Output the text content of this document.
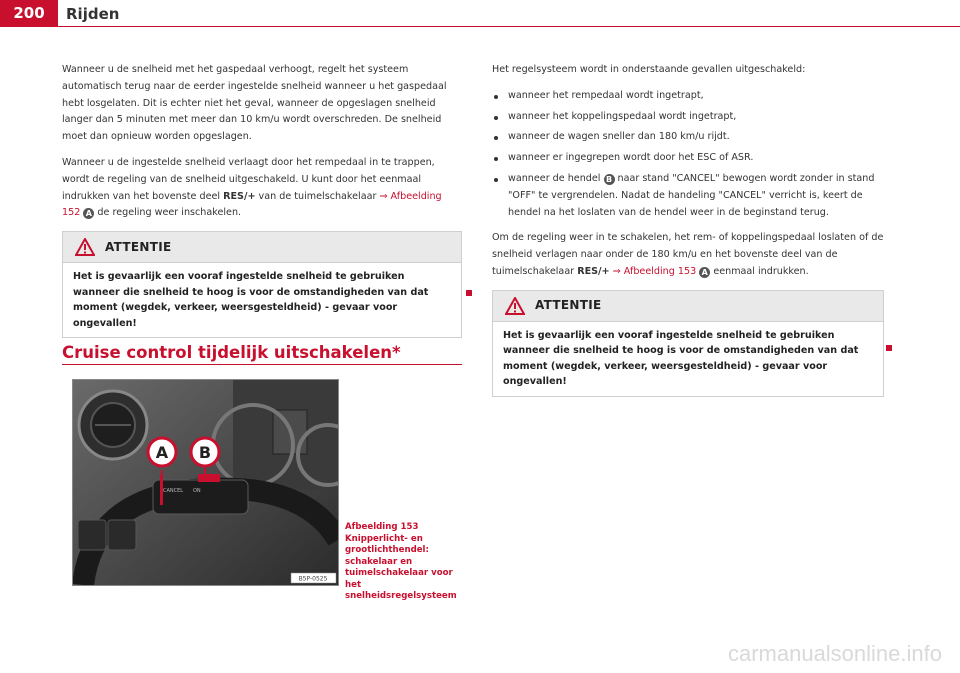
200	Rijden

Wanneer u de snelheid met het gaspedaal verhoogt, regelt het systeem automatisch terug naar de eerder ingestelde snelheid wanneer u het gaspedaal hebt losgelaten. Dit is echter niet het geval, wanneer de opgeslagen snelheid langer dan 5 minuten met meer dan 10 km/u wordt overschreden. De snelheid moet dan opnieuw worden opgeslagen.

Wanneer u de ingestelde snelheid verlaagt door het rempedaal in te trappen, wordt de regeling van de snelheid uitgeschakeld. U kunt door het eenmaal indrukken van het bovenste deel RES/+ van de tuimelschakelaar ⇒ Afbeelding 152 A de regeling weer inschakelen.

ATTENTIE
Het is gevaarlijk een vooraf ingestelde snelheid te gebruiken wanneer die snelheid te hoog is voor de omstandigheden van dat moment (wegdek, verkeer, weersgesteldheid) - gevaar voor ongevallen!
Cruise control tijdelijk uitschakelen*
CANCEL ON
A B
B5P-0525
Afbeelding 153 Knipperlicht- en grootlichthendel: schakelaar en tuimelschakelaar voor het snelheidsregelsysteem

Het regelsysteem wordt in onderstaande gevallen uitgeschakeld:

wanneer het rempedaal wordt ingetrapt,
wanneer het koppelingspedaal wordt ingetrapt,
wanneer de wagen sneller dan 180 km/u rijdt.
wanneer er ingegrepen wordt door het ESC of ASR.
wanneer de hendel B naar stand "CANCEL" bewogen wordt zonder in stand "OFF" te vergrendelen. Nadat de handeling "CANCEL" verricht is, keert de hendel na het loslaten van de hendel weer in de beginstand terug.

Om de regeling weer in te schakelen, het rem- of koppelingspedaal loslaten of de snelheid verlagen naar onder de 180 km/u en het bovenste deel van de tuimelschakelaar RES/+ ⇒ Afbeelding 153 A eenmaal indrukken.

ATTENTIE
Het is gevaarlijk een vooraf ingestelde snelheid te gebruiken wanneer die snelheid te hoog is voor de omstandigheden van dat moment (wegdek, verkeer, weersgesteldheid) - gevaar voor ongevallen!
carmanualsonline.info
